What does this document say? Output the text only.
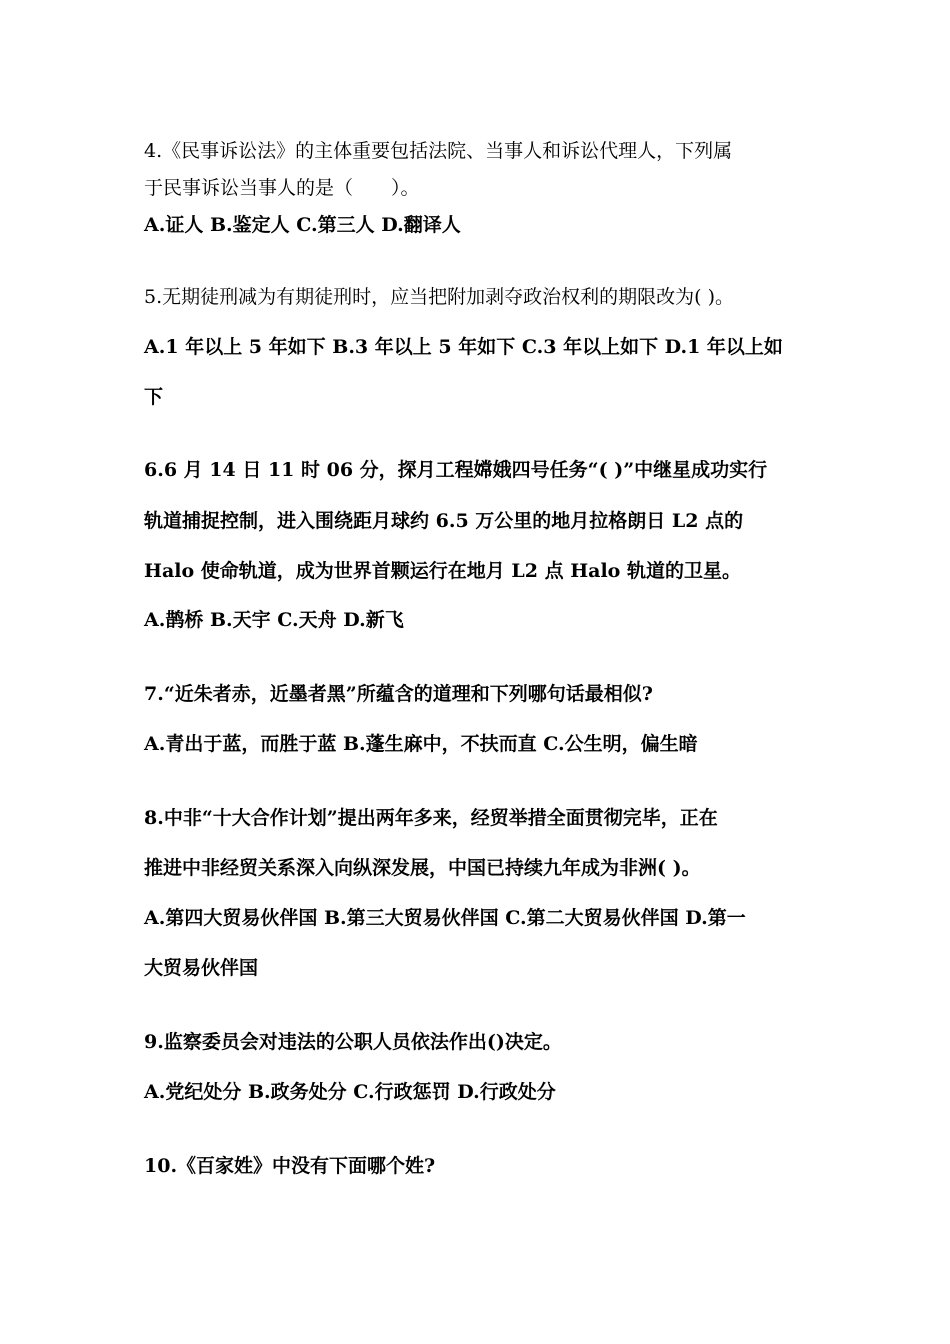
4.《民事诉讼法》的主体重要包括法院、当事人和诉讼代理人，下列属
于民事诉讼当事人的是（　　）。
A.证人 B.鉴定人 C.第三人 D.翻译人
5.无期徒刑减为有期徒刑时，应当把附加剥夺政治权利的期限改为( )。
A.1 年以上 5 年如下 B.3 年以上 5 年如下 C.3 年以上如下 D.1 年以上如
下
6.6 月 14 日 11 时 06 分，探月工程嫦娥四号任务“( )”中继星成功实行
轨道捕捉控制，进入围绕距月球约 6.5 万公里的地月拉格朗日 L2 点的
Halo 使命轨道，成为世界首颗运行在地月 L2 点 Halo 轨道的卫星。
A.鹊桥 B.天宇 C.天舟 D.新飞
7.“近朱者赤，近墨者黑”所蕴含的道理和下列哪句话最相似?
A.青出于蓝，而胜于蓝 B.蓬生麻中，不扶而直 C.公生明，偏生暗
8.中非“十大合作计划”提出两年多来，经贸举措全面贯彻完毕，正在
推进中非经贸关系深入向纵深发展，中国已持续九年成为非洲( )。
A.第四大贸易伙伴国 B.第三大贸易伙伴国 C.第二大贸易伙伴国 D.第一
大贸易伙伴国
9.监察委员会对违法的公职人员依法作出()决定。
A.党纪处分 B.政务处分 C.行政惩罚 D.行政处分
10.《百家姓》中没有下面哪个姓?
